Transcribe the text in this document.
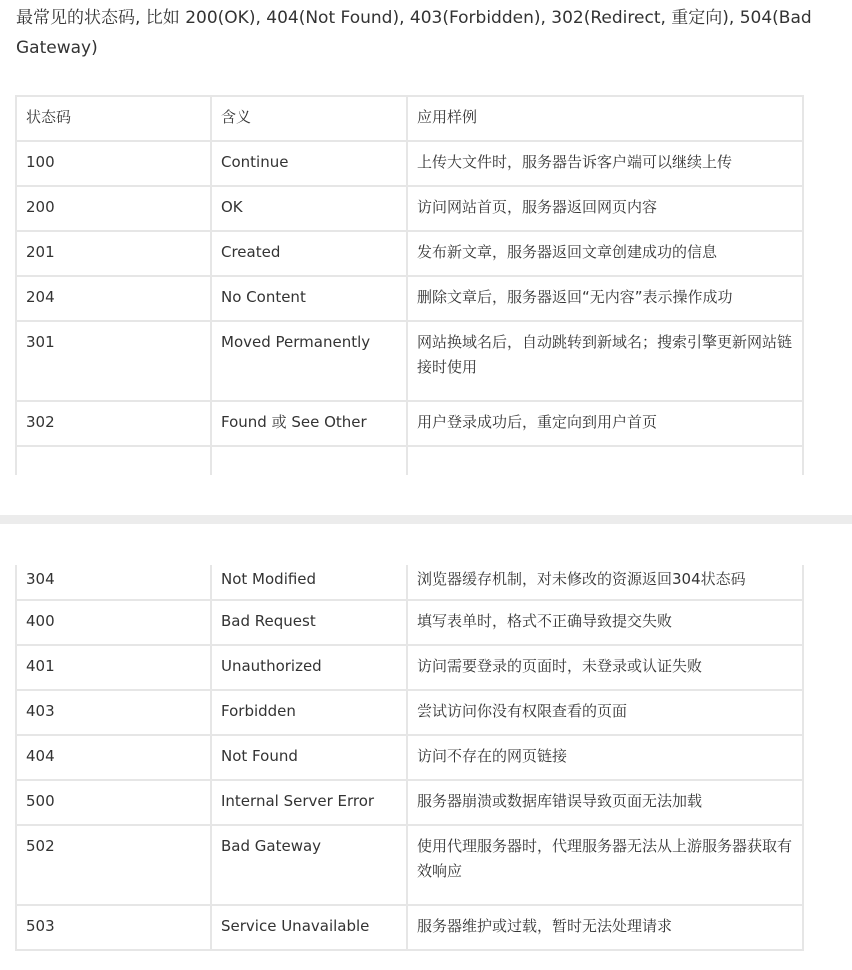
最常见的状态码, 比如 200(OK), 404(Not Found), 403(Forbidden), 302(Redirect, 重定向), 504(Bad Gateway)
状态码	含义	应用样例
100	Continue	上传大文件时，服务器告诉客户端可以继续上传
200	OK	访问网站首页，服务器返回网页内容
201	Created	发布新文章，服务器返回文章创建成功的信息
204	No Content	删除文章后，服务器返回“无内容”表示操作成功
301	Moved Permanently	网站换域名后，自动跳转到新域名；搜索引擎更新网站链接时使用
302	Found 或 See Other	用户登录成功后，重定向到用户首页

304	Not Modified	浏览器缓存机制，对未修改的资源返回304状态码
400	Bad Request	填写表单时，格式不正确导致提交失败
401	Unauthorized	访问需要登录的页面时，未登录或认证失败
403	Forbidden	尝试访问你没有权限查看的页面
404	Not Found	访问不存在的网页链接
500	Internal Server Error	服务器崩溃或数据库错误导致页面无法加载
502	Bad Gateway	使用代理服务器时，代理服务器无法从上游服务器获取有效响应
503	Service Unavailable	服务器维护或过载，暂时无法处理请求
